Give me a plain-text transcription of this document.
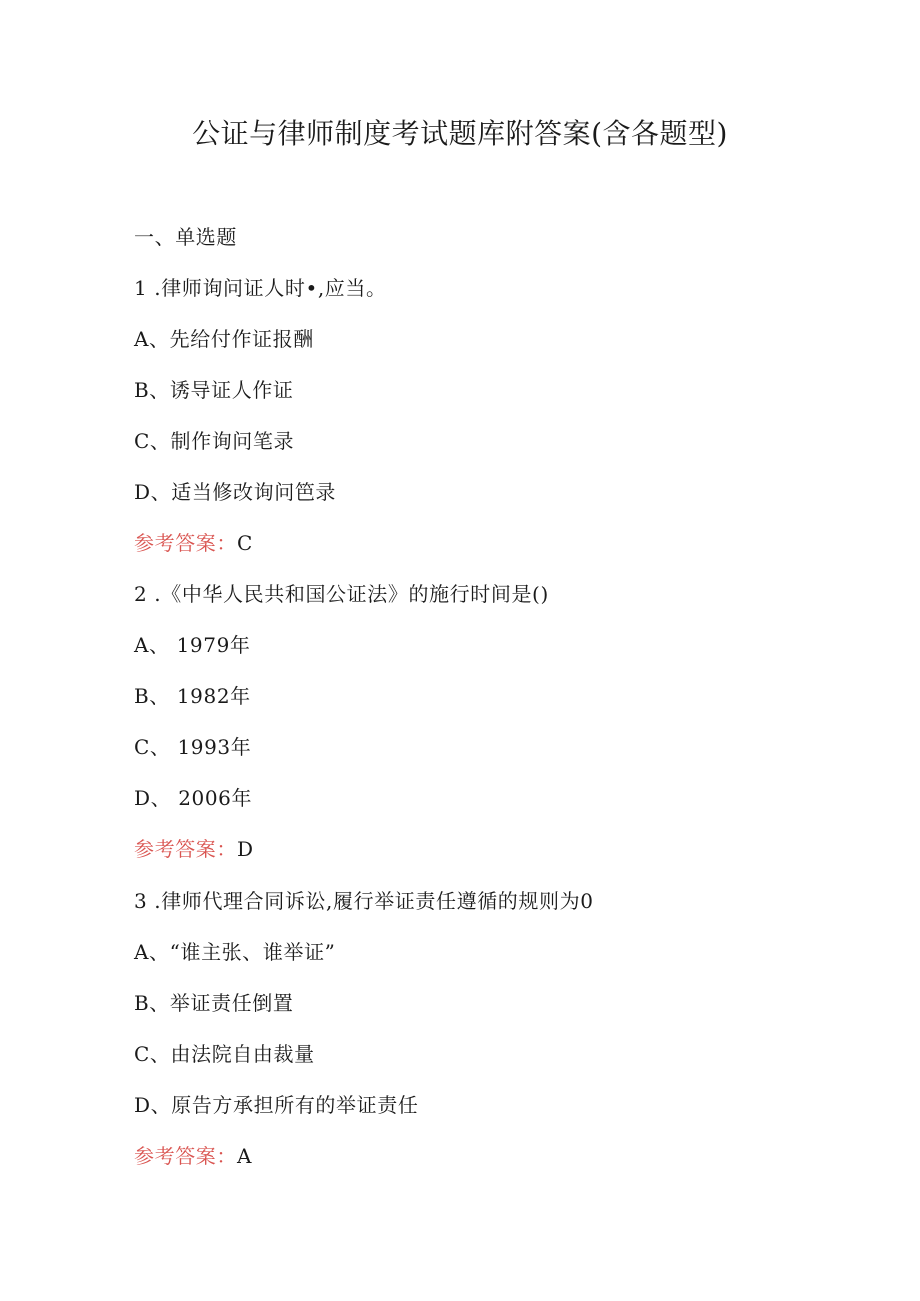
公证与律师制度考试题库附答案(含各题型)
一、单选题
1 .律师询问证人时•,应当。
A、先给付作证报酬
B、诱导证人作证
C、制作询问笔录
D、适当修改询问笆录
参考答案：C
2 .《中华人民共和国公证法》的施行时间是()
A、 1979年
B、 1982年
C、 1993年
D、 2006年
参考答案：D
3 .律师代理合同诉讼,履行举证责任遵循的规则为0
A、“谁主张、谁举证”
B、举证责任倒置
C、由法院自由裁量
D、原告方承担所有的举证责任
参考答案：A
